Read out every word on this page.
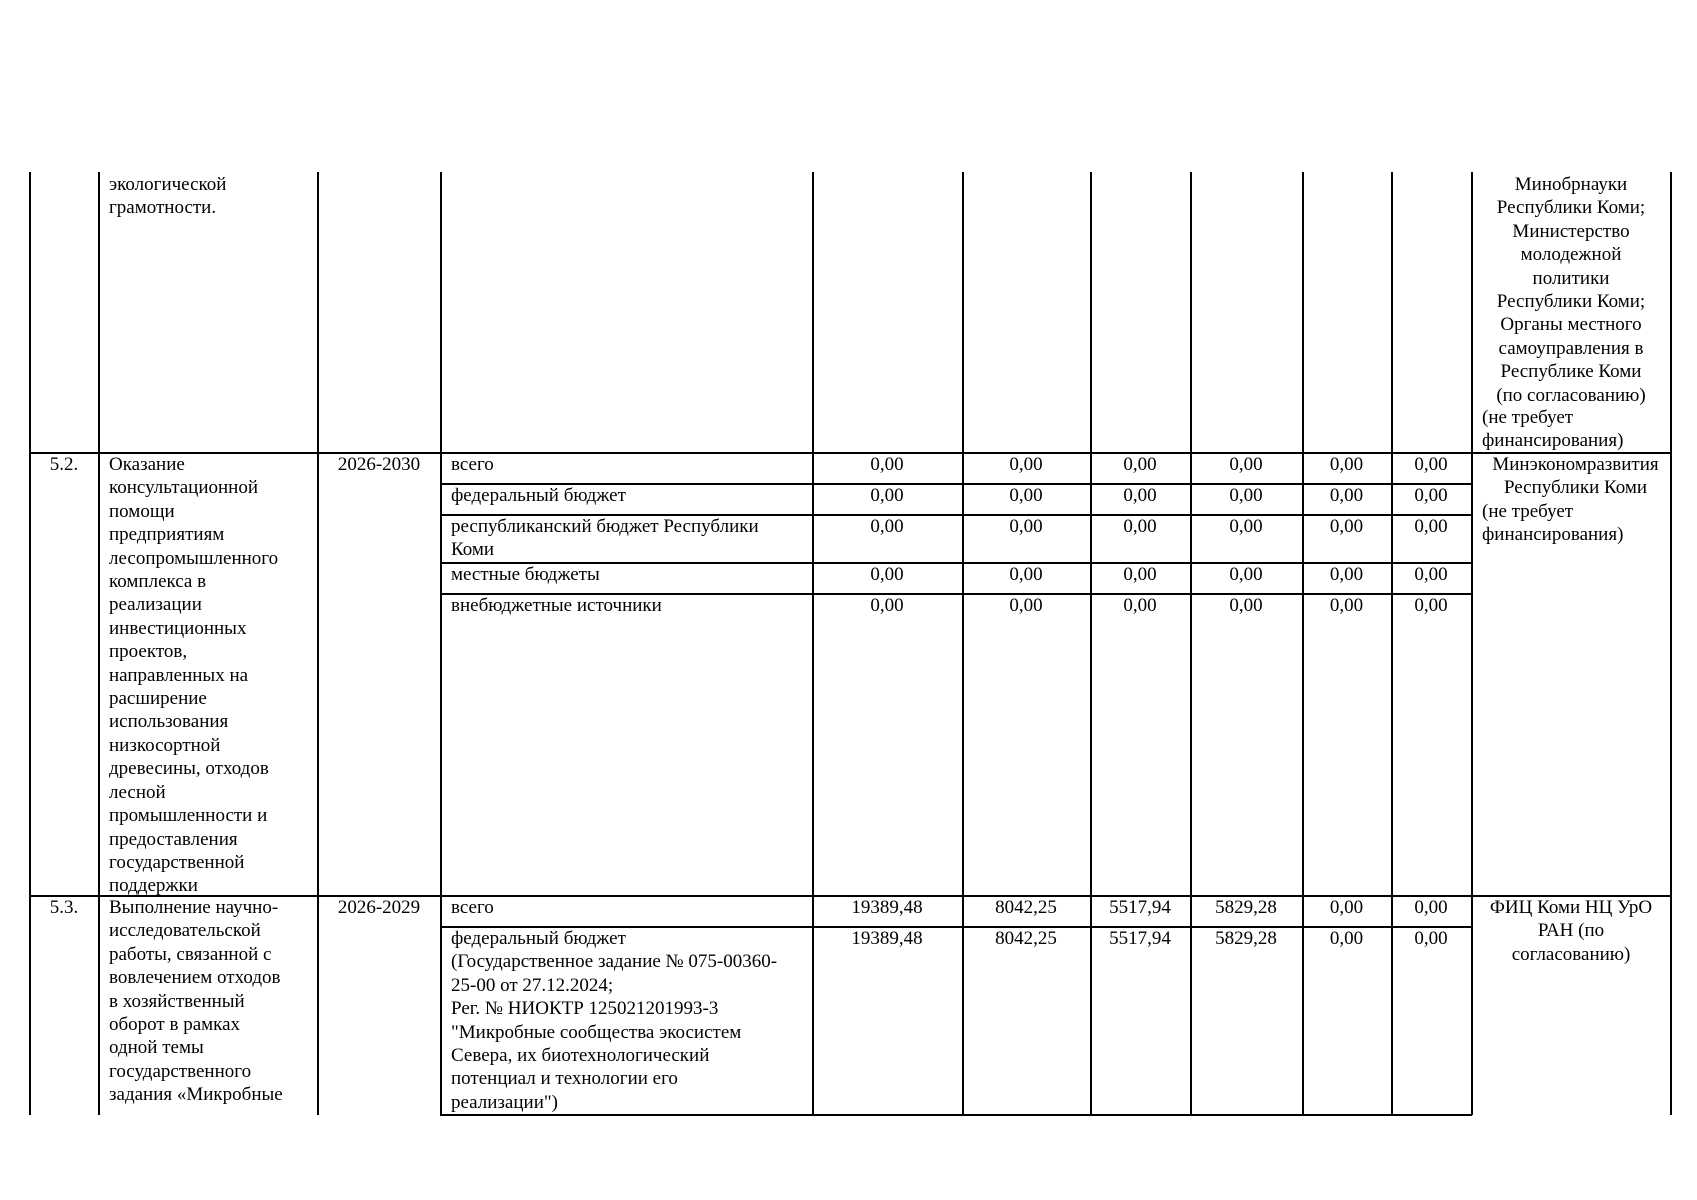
экологической
грамотности.
Минобрнауки
Республики Коми;
Министерство
молодежной
политики
Республики Коми;
Органы местного
самоуправления в
Республике Коми
(по согласованию)
(не требует
финансирования)
5.2.	Оказание
консультационной
помощи
предприятиям
лесопромышленного
комплекса в
реализации
инвестиционных
проектов,
направленных на
расширение
использования
низкосортной
древесины, отходов
лесной
промышленности и
предоставления
государственной
поддержки
2026-2030	Минэкономразвития
Республики Коми
(не требует
финансирования)
всего	0,00	0,00	0,00	0,00	0,00	0,00
федеральный бюджет	0,00	0,00	0,00	0,00	0,00	0,00
республиканский бюджет Республики
Коми
0,00	0,00	0,00	0,00	0,00	0,00
местные бюджеты	0,00	0,00	0,00	0,00	0,00	0,00
внебюджетные источники	0,00	0,00	0,00	0,00	0,00	0,00
5.3.	Выполнение научно-
исследовательской
работы, связанной с
вовлечением отходов
в хозяйственный
оборот в рамках
одной темы
государственного
задания «Микробные
2026-2029	ФИЦ Коми НЦ УрО
РАН (по
согласованию)
всего	19389,48	8042,25	5517,94	5829,28	0,00	0,00
федеральный бюджет
(Государственное задание № 075-00360-
25-00 от 27.12.2024;
Рег. № НИОКТР 125021201993-3
"Микробные сообщества экосистем
Севера, их биотехнологический
потенциал и технологии его
реализации")
19389,48	8042,25	5517,94	5829,28	0,00	0,00
